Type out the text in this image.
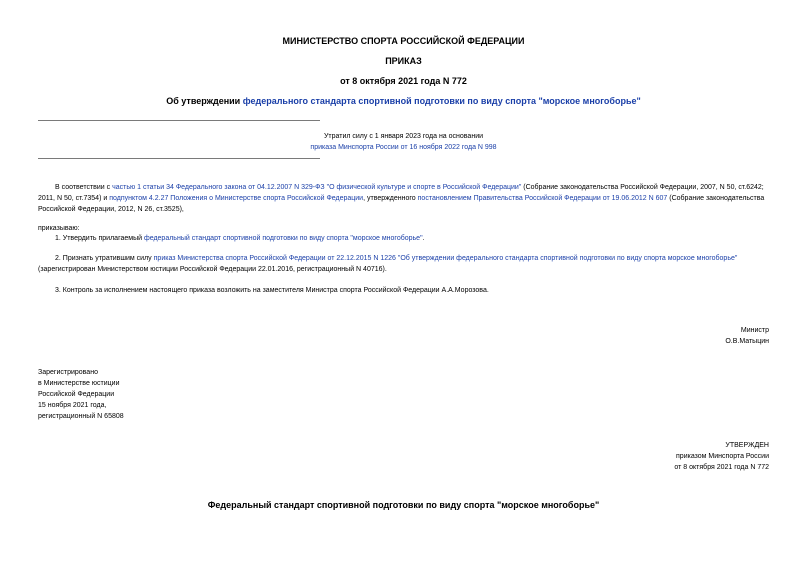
МИНИСТЕРСТВО СПОРТА РОССИЙСКОЙ ФЕДЕРАЦИИ
ПРИКАЗ
от 8 октября 2021 года N 772
Об утверждении федерального стандарта спортивной подготовки по виду спорта "морское многоборье"
Утратил силу с 1 января 2023 года на основании
приказа Минспорта России от 16 ноября 2022 года N 998
В соответствии с частью 1 статьи 34 Федерального закона от 04.12.2007 N 329-ФЗ "О физической культуре и спорте в Российской Федерации" (Собрание законодательства Российской Федерации, 2007, N 50, ст.6242; 2011, N 50, ст.7354) и подпунктом 4.2.27 Положения о Министерстве спорта Российской Федерации, утвержденного постановлением Правительства Российской Федерации от 19.06.2012 N 607 (Собрание законодательства Российской Федерации, 2012, N 26, ст.3525),
приказываю:
1. Утвердить прилагаемый федеральный стандарт спортивной подготовки по виду спорта "морское многоборье".
2. Признать утратившим силу приказ Министерства спорта Российской Федерации от 22.12.2015 N 1226 "Об утверждении федерального стандарта спортивной подготовки по виду спорта морское многоборье" (зарегистрирован Министерством юстиции Российской Федерации 22.01.2016, регистрационный N 40716).
3. Контроль за исполнением настоящего приказа возложить на заместителя Министра спорта Российской Федерации А.А.Морозова.
Министр
О.В.Матыцин
Зарегистрировано
в Министерстве юстиции
Российской Федерации
15 ноября 2021 года,
регистрационный N 65808
УТВЕРЖДЕН
приказом Минспорта России
от 8 октября 2021 года N 772
Федеральный стандарт спортивной подготовки по виду спорта "морское многоборье"
